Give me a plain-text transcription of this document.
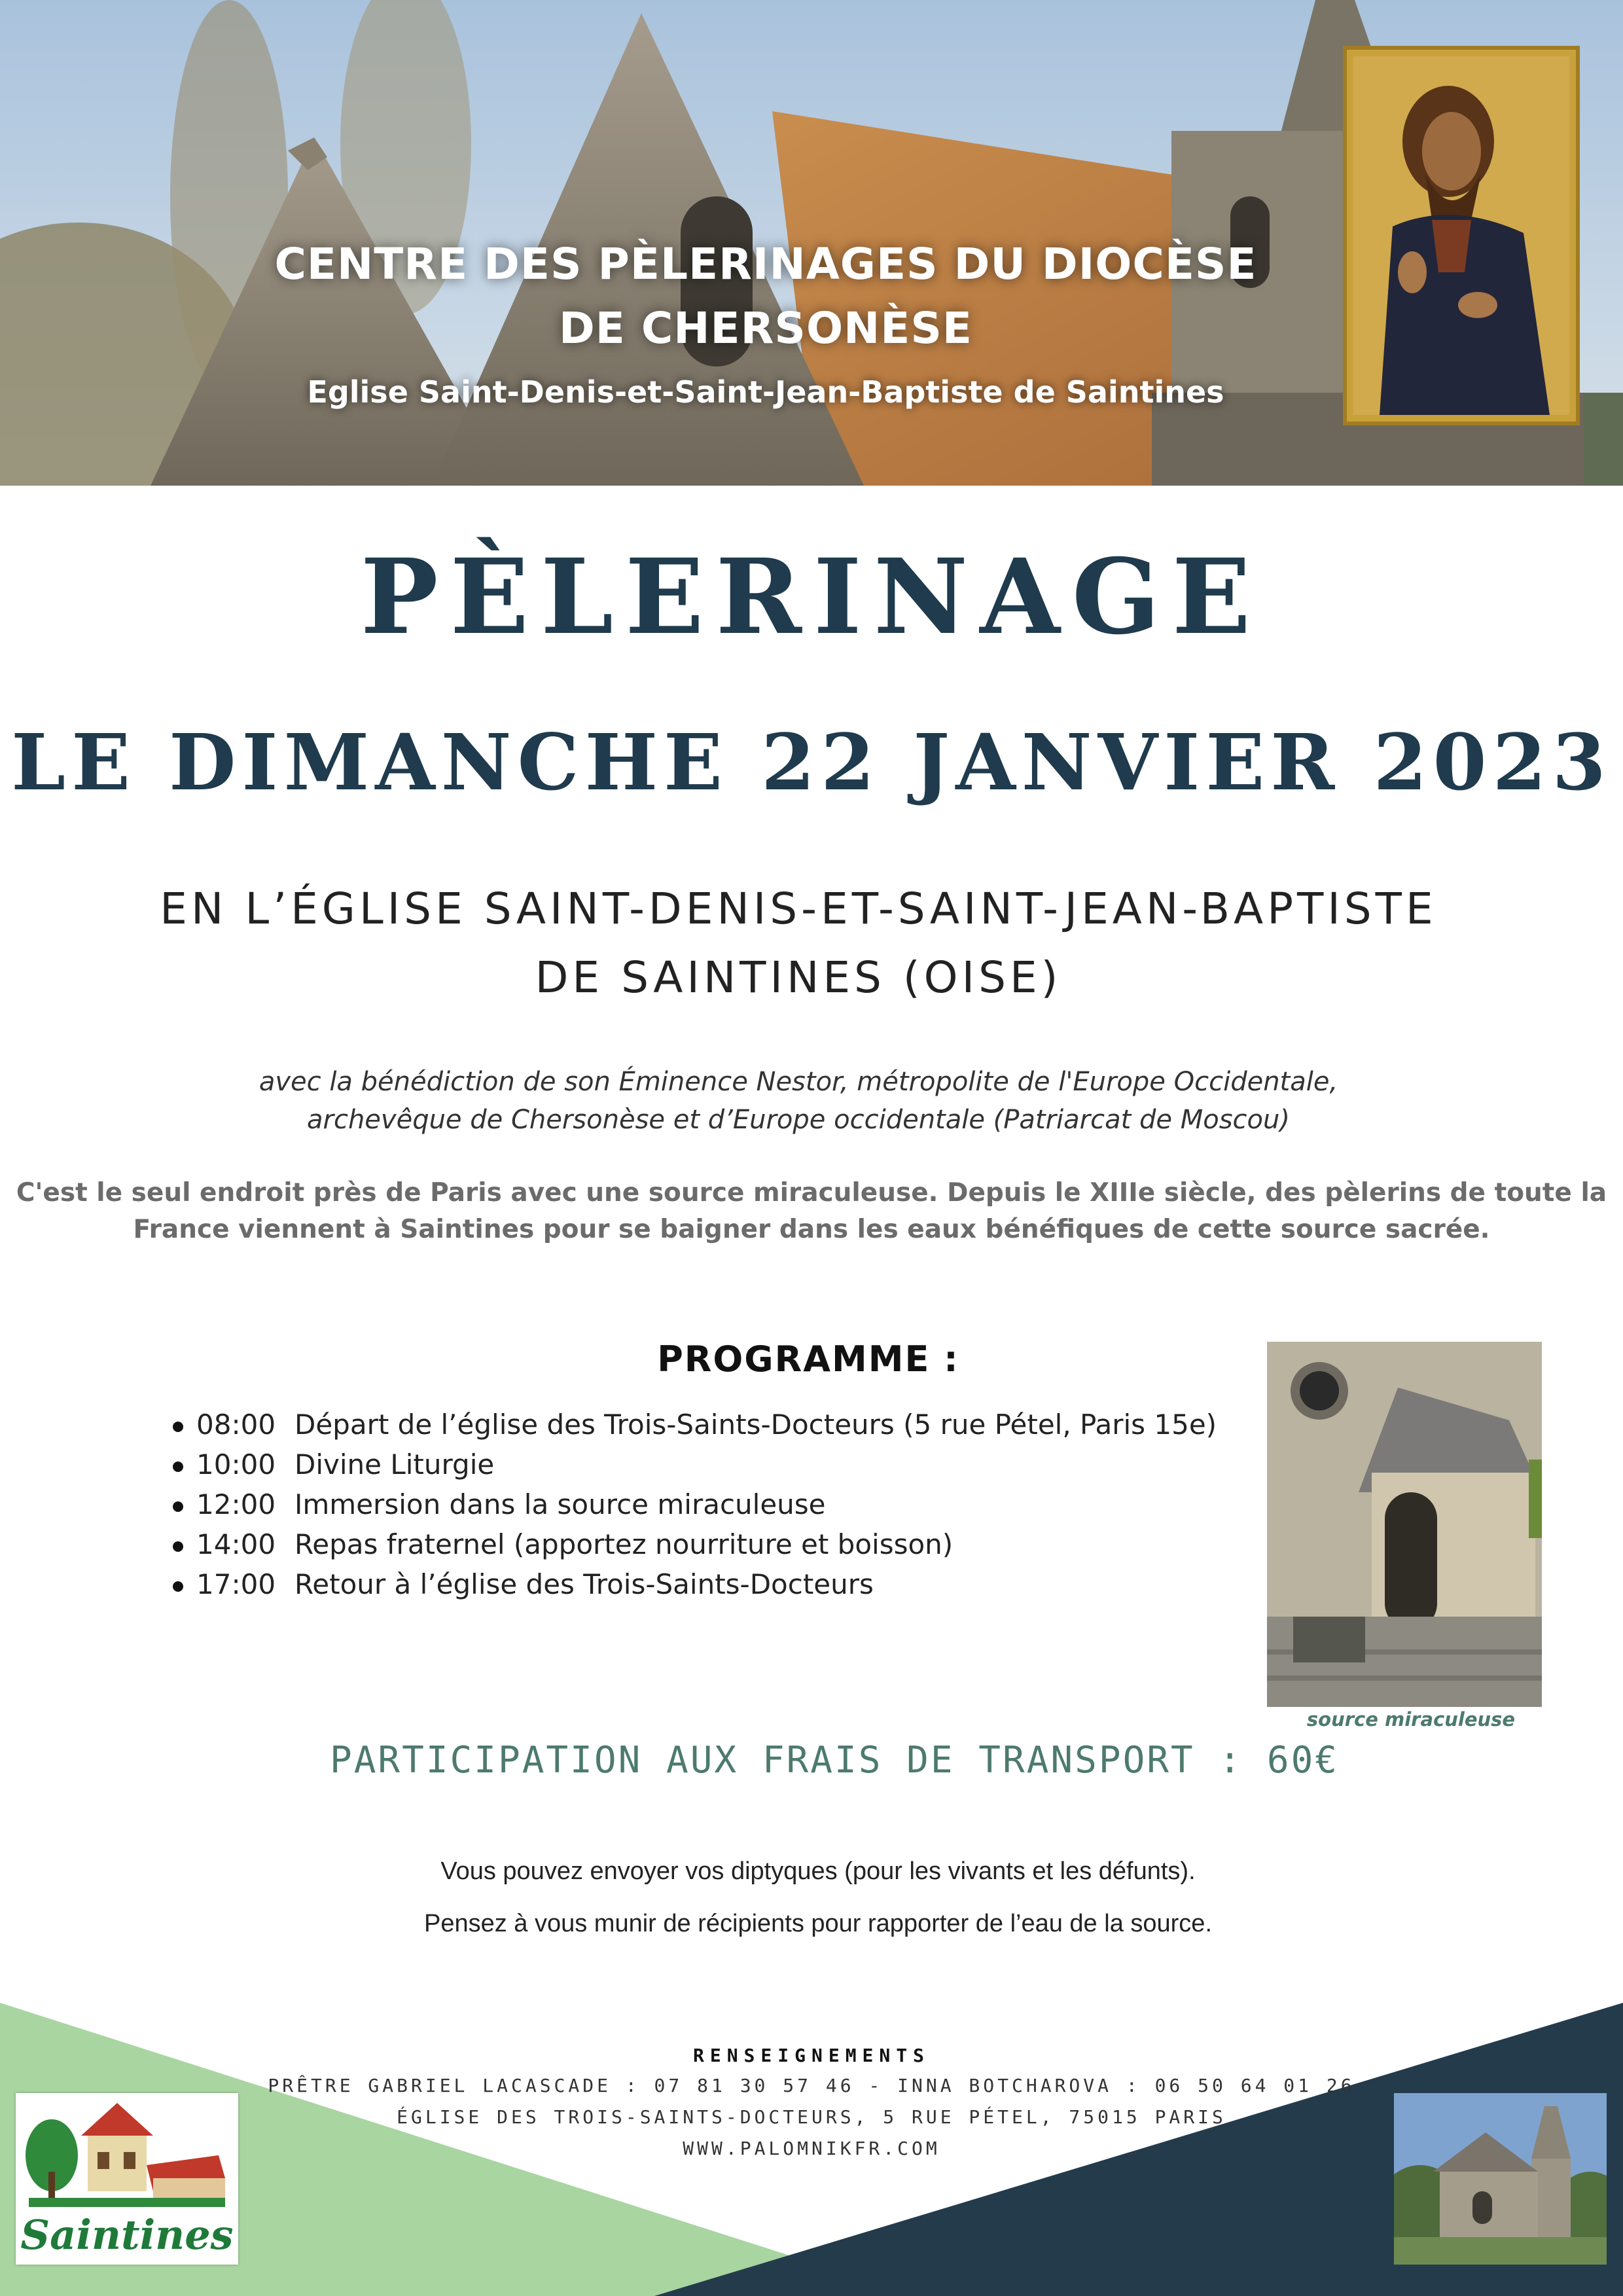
CENTRE DES PÈLERINAGES DU DIOCÈSE
DE CHERSONÈSE
Eglise Saint-Denis-et-Saint-Jean-Baptiste de Saintines
PÈLERINAGE
LE DIMANCHE 22 JANVIER 2023
EN L’ÉGLISE SAINT-DENIS-ET-SAINT-JEAN-BAPTISTE
DE SAINTINES (OISE)
avec la bénédiction de son Éminence Nestor, métropolite de l'Europe Occidentale,
archevêque de Chersonèse et d’Europe occidentale (Patriarcat de Moscou)
C'est le seul endroit près de Paris avec une source miraculeuse. Depuis le XIIIe siècle, des pèlerins de toute la
France viennent à Saintines pour se baigner dans les eaux bénéfiques de cette source sacrée.
PROGRAMME :
08:00 Départ de l’église des Trois-Saints-Docteurs (5 rue Pétel, Paris 15e)
10:00 Divine Liturgie
12:00 Immersion dans la source miraculeuse
14:00 Repas fraternel (apportez nourriture et boisson)
17:00 Retour à l’église des Trois-Saints-Docteurs
source miraculeuse
PARTICIPATION AUX FRAIS DE TRANSPORT : 60€
Vous pouvez envoyer vos diptyques (pour les vivants et les défunts).
Pensez à vous munir de récipients pour rapporter de l’eau de la source.
RENSEIGNEMENTS
PRÊTRE GABRIEL LACASCADE : 07 81 30 57 46 - INNA BOTCHAROVA : 06 50 64 01 26
ÉGLISE DES TROIS-SAINTS-DOCTEURS, 5 RUE PÉTEL, 75015 PARIS
WWW.PALOMNIKFR.COM
Saintines
